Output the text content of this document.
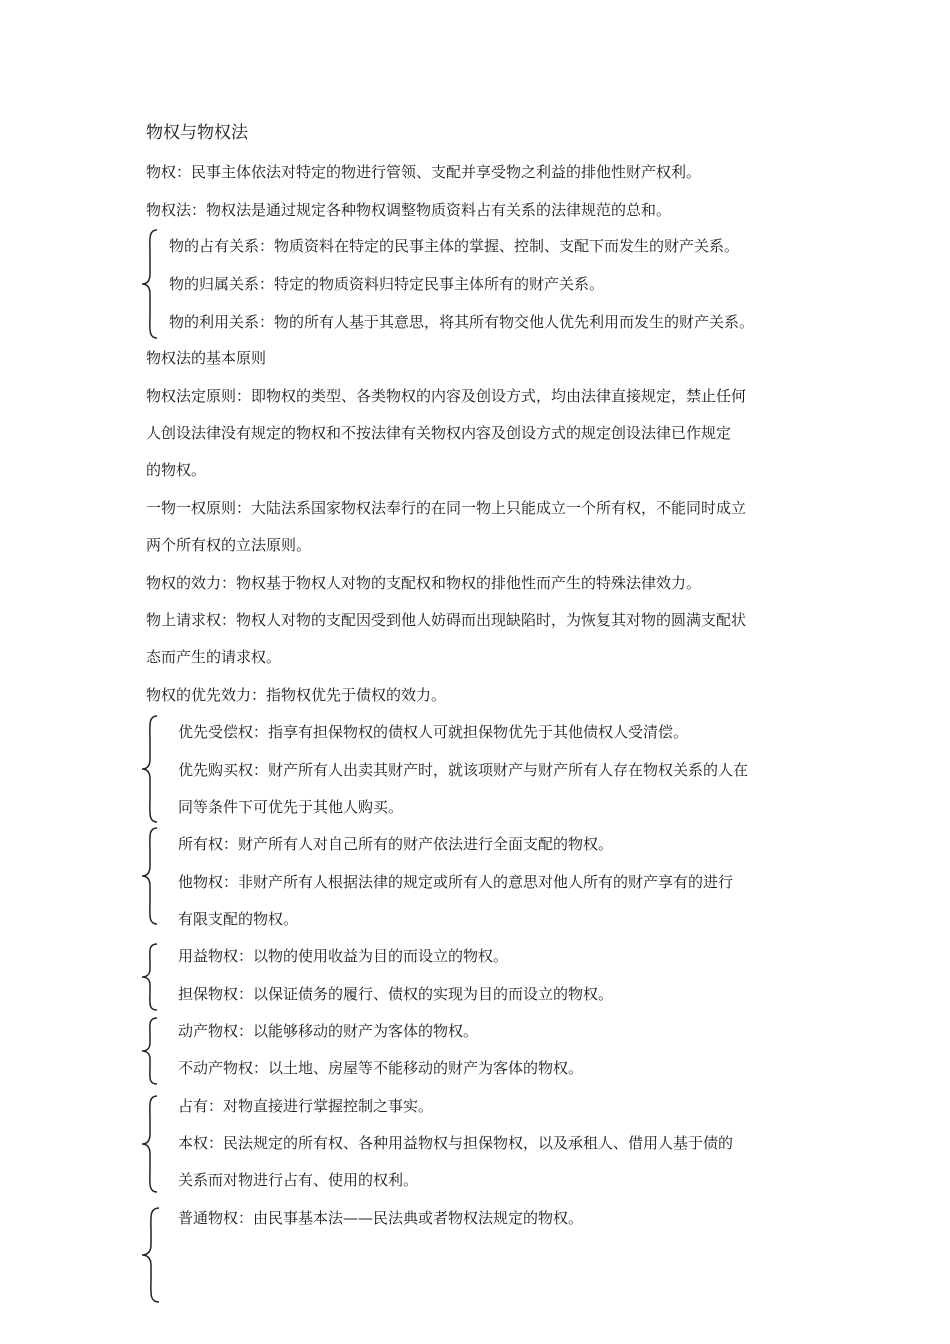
物权与物权法
物权：民事主体依法对特定的物进行管领、支配并享受物之利益的排他性财产权利。
物权法：物权法是通过规定各种物权调整物质资料占有关系的法律规范的总和。
物的占有关系：物质资料在特定的民事主体的掌握、控制、支配下而发生的财产关系。
物的归属关系：特定的物质资料归特定民事主体所有的财产关系。
物的利用关系：物的所有人基于其意思，将其所有物交他人优先利用而发生的财产关系。
物权法的基本原则
物权法定原则：即物权的类型、各类物权的内容及创设方式，均由法律直接规定，禁止任何
人创设法律没有规定的物权和不按法律有关物权内容及创设方式的规定创设法律已作规定
的物权。
一物一权原则：大陆法系国家物权法奉行的在同一物上只能成立一个所有权，不能同时成立
两个所有权的立法原则。
物权的效力：物权基于物权人对物的支配权和物权的排他性而产生的特殊法律效力。
物上请求权：物权人对物的支配因受到他人妨碍而出现缺陷时，为恢复其对物的圆满支配状
态而产生的请求权。
物权的优先效力：指物权优先于债权的效力。
优先受偿权：指享有担保物权的债权人可就担保物优先于其他债权人受清偿。
优先购买权：财产所有人出卖其财产时，就该项财产与财产所有人存在物权关系的人在
同等条件下可优先于其他人购买。
所有权：财产所有人对自己所有的财产依法进行全面支配的物权。
他物权：非财产所有人根据法律的规定或所有人的意思对他人所有的财产享有的进行
有限支配的物权。
用益物权：以物的使用收益为目的而设立的物权。
担保物权：以保证债务的履行、债权的实现为目的而设立的物权。
动产物权：以能够移动的财产为客体的物权。
不动产物权：以土地、房屋等不能移动的财产为客体的物权。
占有：对物直接进行掌握控制之事实。
本权：民法规定的所有权、各种用益物权与担保物权，以及承租人、借用人基于债的
关系而对物进行占有、使用的权利。
普通物权：由民事基本法——民法典或者物权法规定的物权。
